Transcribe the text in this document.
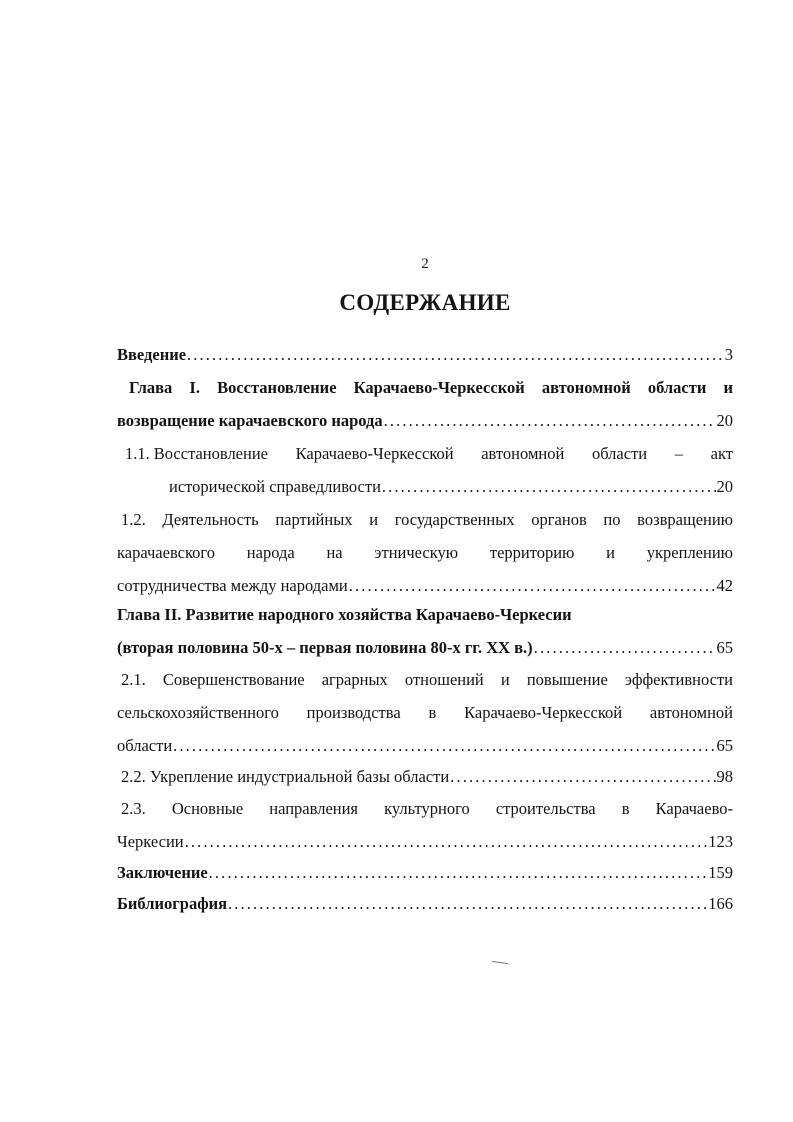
2
СОДЕРЖАНИЕ
Введение . . .	3
Глава I. Восстановление Карачаево-Черкесской автономной области и
возвращение карачаевского народа . . .	20
1.1. Восстановление Карачаево-Черкесской автономной области – акт
исторической справедливости . . .	20
1.2. Деятельность партийных и государственных органов по возвращению
карачаевского народа на этническую территорию и укреплению
сотрудничества между народами . . .	42
Глава II. Развитие народного хозяйства Карачаево-Черкесии
(вторая половина 50-х – первая половина 80-х гг. XX в.) . . .	65
2.1. Совершенствование аграрных отношений и повышение эффективности
сельскохозяйственного производства в Карачаево-Черкесской автономной
области . . .	65
2.2. Укрепление индустриальной базы области . . .	98
2.3. Основные направления культурного строительства в Карачаево-
Черкесии . . .	123
Заключение . . .	159
Библиография . . .	166
